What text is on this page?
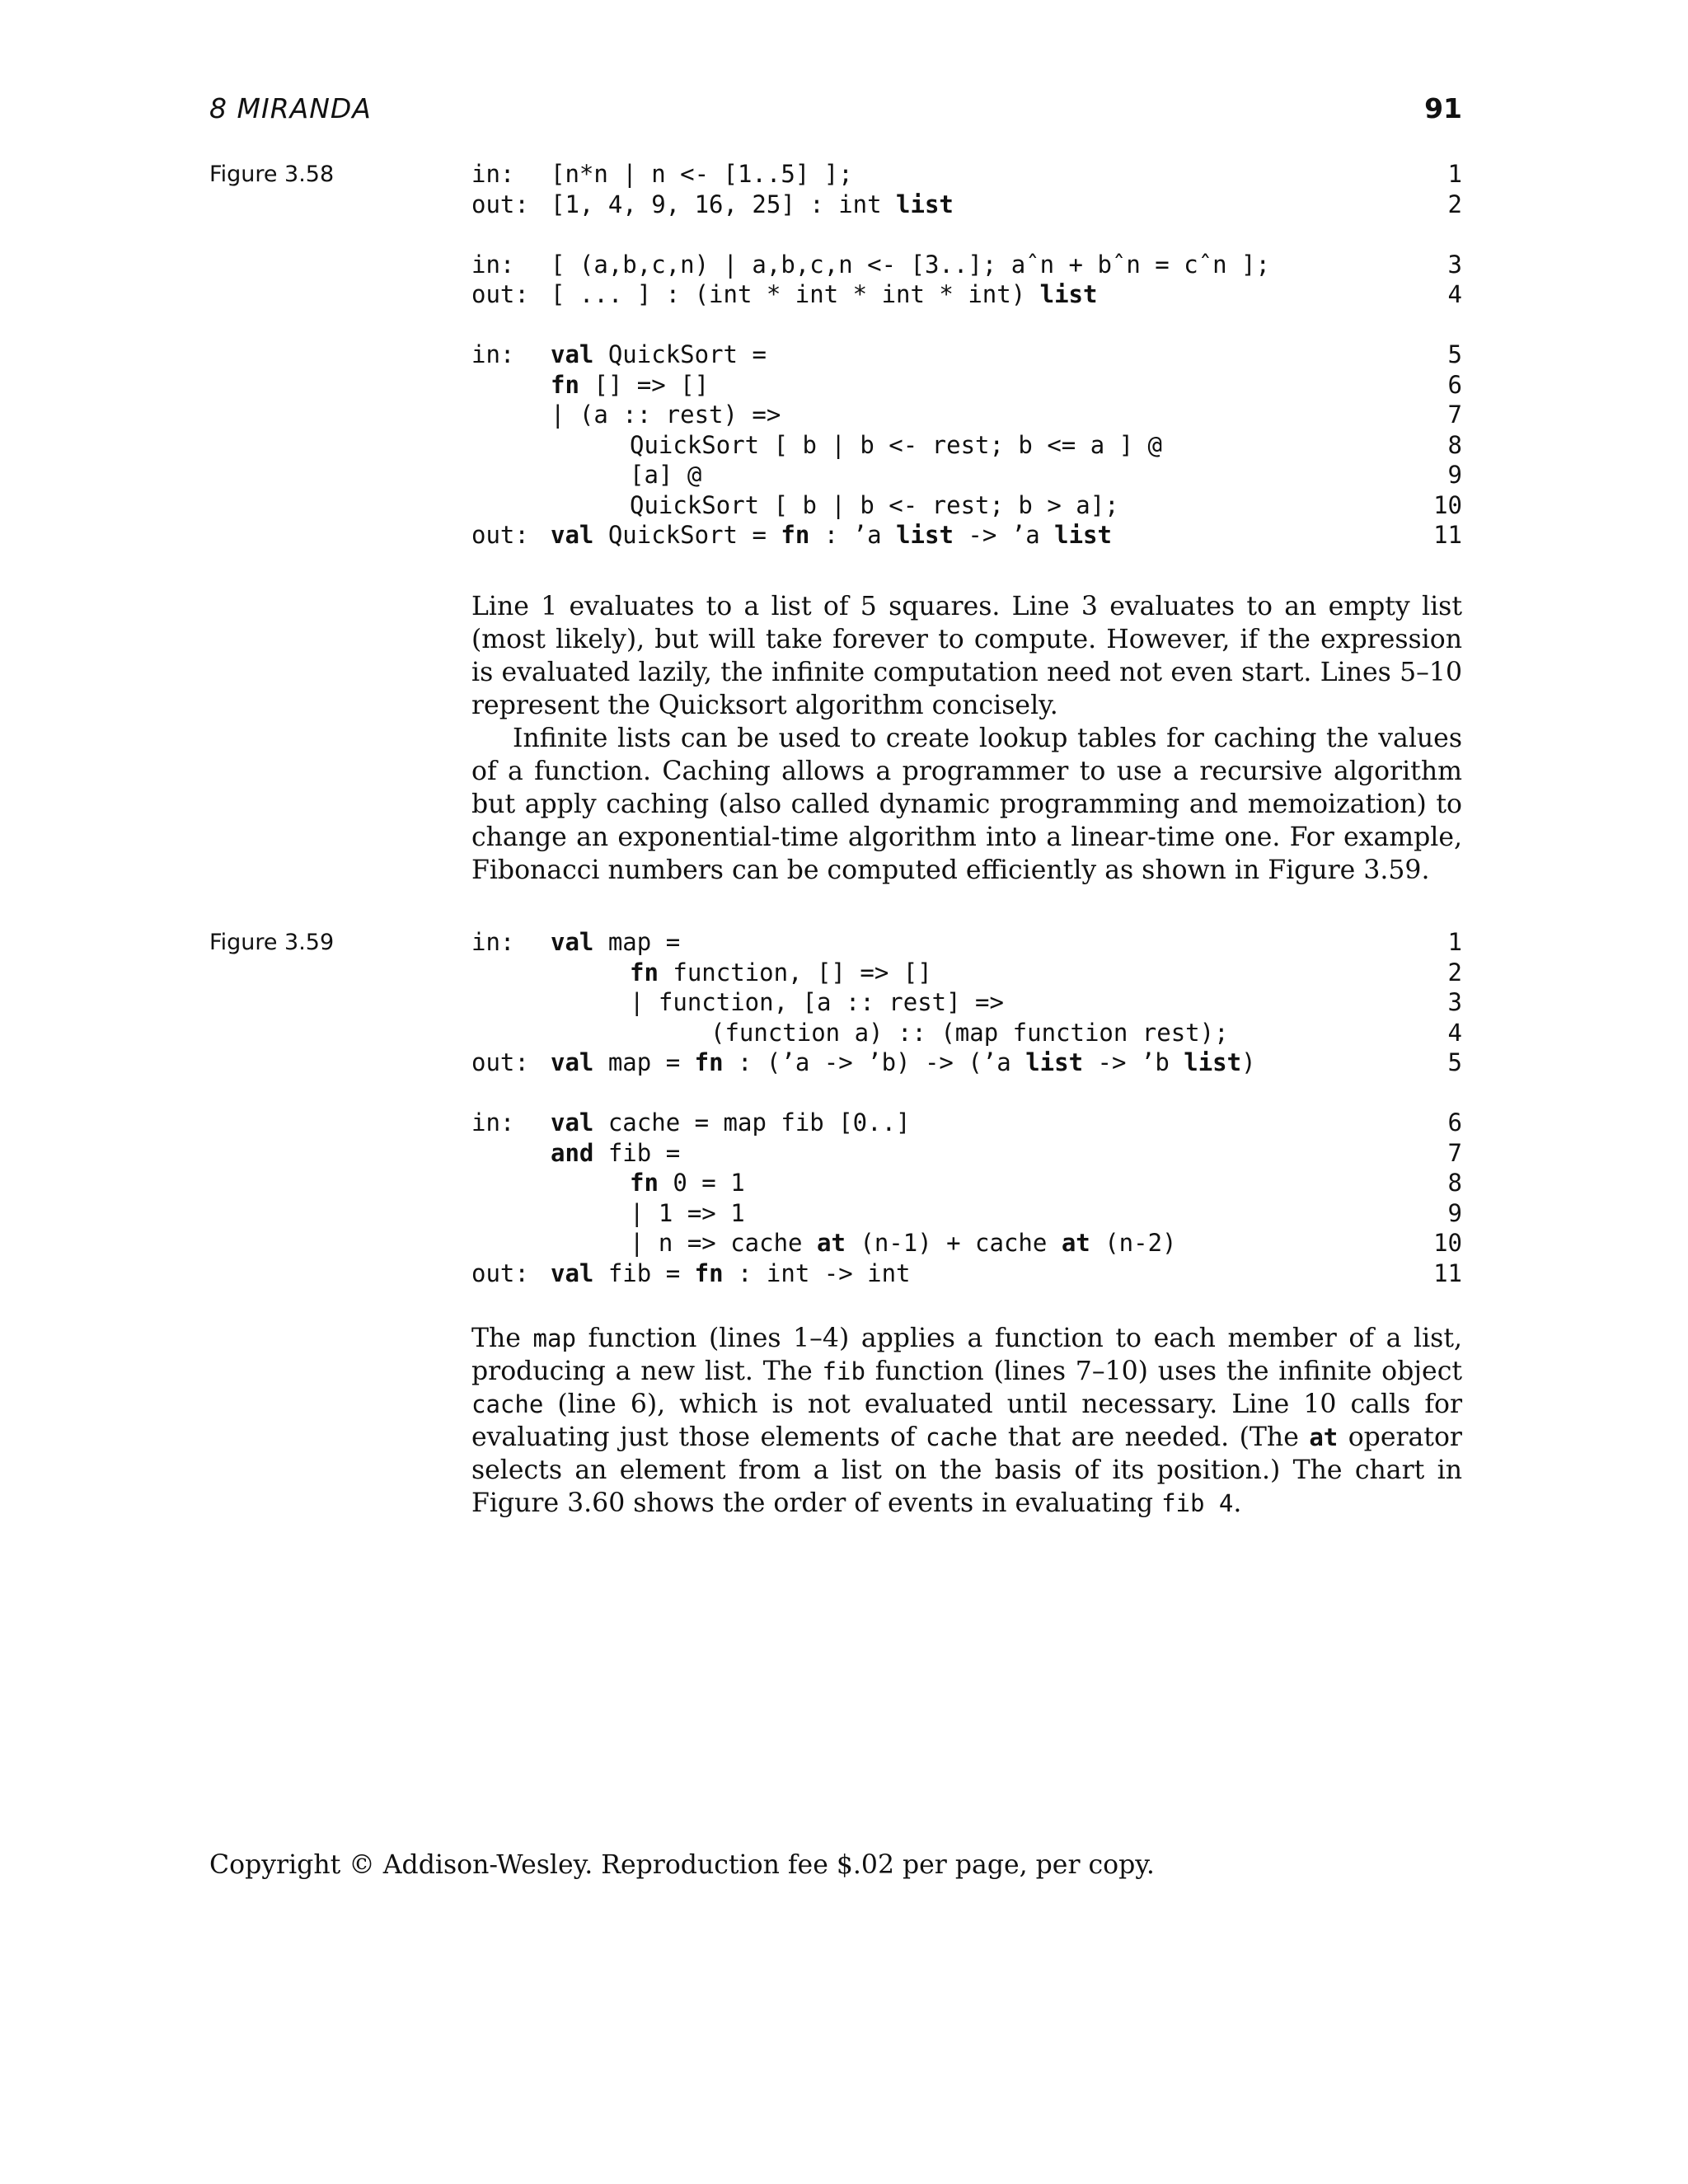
8 MIRANDA	91
Figure 3.58	in: [n*n | n <- [1..5] ];	1
out: [1, 4, 9, 16, 25] : int list	2
in: [ (a,b,c,n) | a,b,c,n <- [3..]; aˆn + bˆn = cˆn ];	3
out: [ ... ] : (int * int * int * int) list	4
in: val QuickSort =	5
fn [] => []	6
| (a :: rest) =>	7
QuickSort [ b | b <- rest; b <= a ] @	8
[a] @	9
QuickSort [ b | b <- rest; b > a];	10
out: val QuickSort = fn : ’a list -> ’a list	11

Line 1 evaluates to a list of 5 squares. Line 3 evaluates to an empty list (most likely), but will take forever to compute. However, if the expression is evaluated lazily, the infinite computation need not even start. Lines 5–10 represent the Quicksort algorithm concisely.

Infinite lists can be used to create lookup tables for caching the values of a function. Caching allows a programmer to use a recursive algorithm but apply caching (also called dynamic programming and memoization) to change an exponential-time algorithm into a linear-time one. For example, Fibonacci numbers can be computed efficiently as shown in Figure 3.59.

Figure 3.59	in: val map =	1
fn function, [] => []	2
| function, [a :: rest] =>	3
(function a) :: (map function rest);	4
out: val map = fn : (’a -> ’b) -> (’a list -> ’b list)	5
in: val cache = map fib [0..]	6
and fib =	7
fn 0 = 1	8
| 1 => 1	9
| n => cache at (n-1) + cache at (n-2)	10
out: val fib = fn : int -> int	11

The map function (lines 1–4) applies a function to each member of a list, producing a new list. The fib function (lines 7–10) uses the infinite object cache (line 6), which is not evaluated until necessary. Line 10 calls for evaluating just those elements of cache that are needed. (The at operator selects an element from a list on the basis of its position.) The chart in Figure 3.60 shows the order of events in evaluating fib 4.

Copyright © Addison-Wesley. Reproduction fee $.02 per page, per copy.
